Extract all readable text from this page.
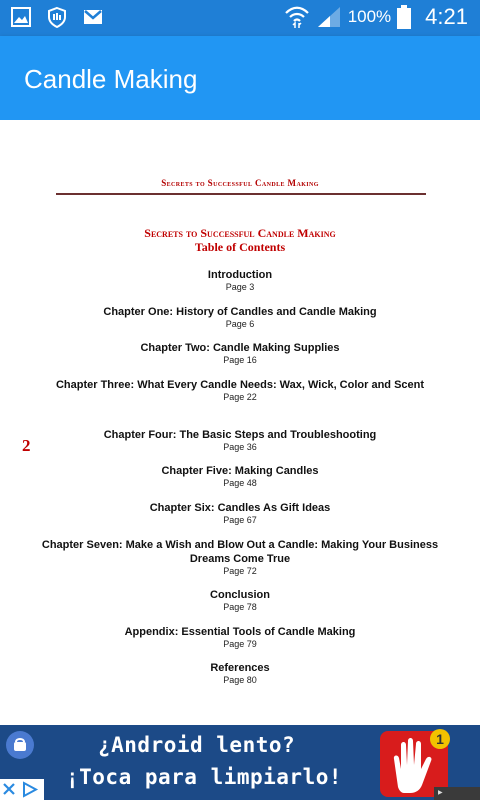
100% 4:21
Candle Making
Secrets to Successful Candle Making
Secrets to Successful Candle Making
Table of Contents
2
Introduction
Page 3
Chapter One: History of Candles and Candle Making
Page 6
Chapter Two: Candle Making Supplies
Page 16
Chapter Three: What Every Candle Needs: Wax, Wick, Color and Scent
Page 22
Chapter Four: The Basic Steps and Troubleshooting
Page 36
Chapter Five: Making Candles
Page 48
Chapter Six: Candles As Gift Ideas
Page 67
Chapter Seven: Make a Wish and Blow Out a Candle: Making Your Business Dreams Come True
Page 72
Conclusion
Page 78
Appendix: Essential Tools of Candle Making
Page 79
References
Page 80
¿Android lento?
¡Toca para limpiarlo!
1
▶
